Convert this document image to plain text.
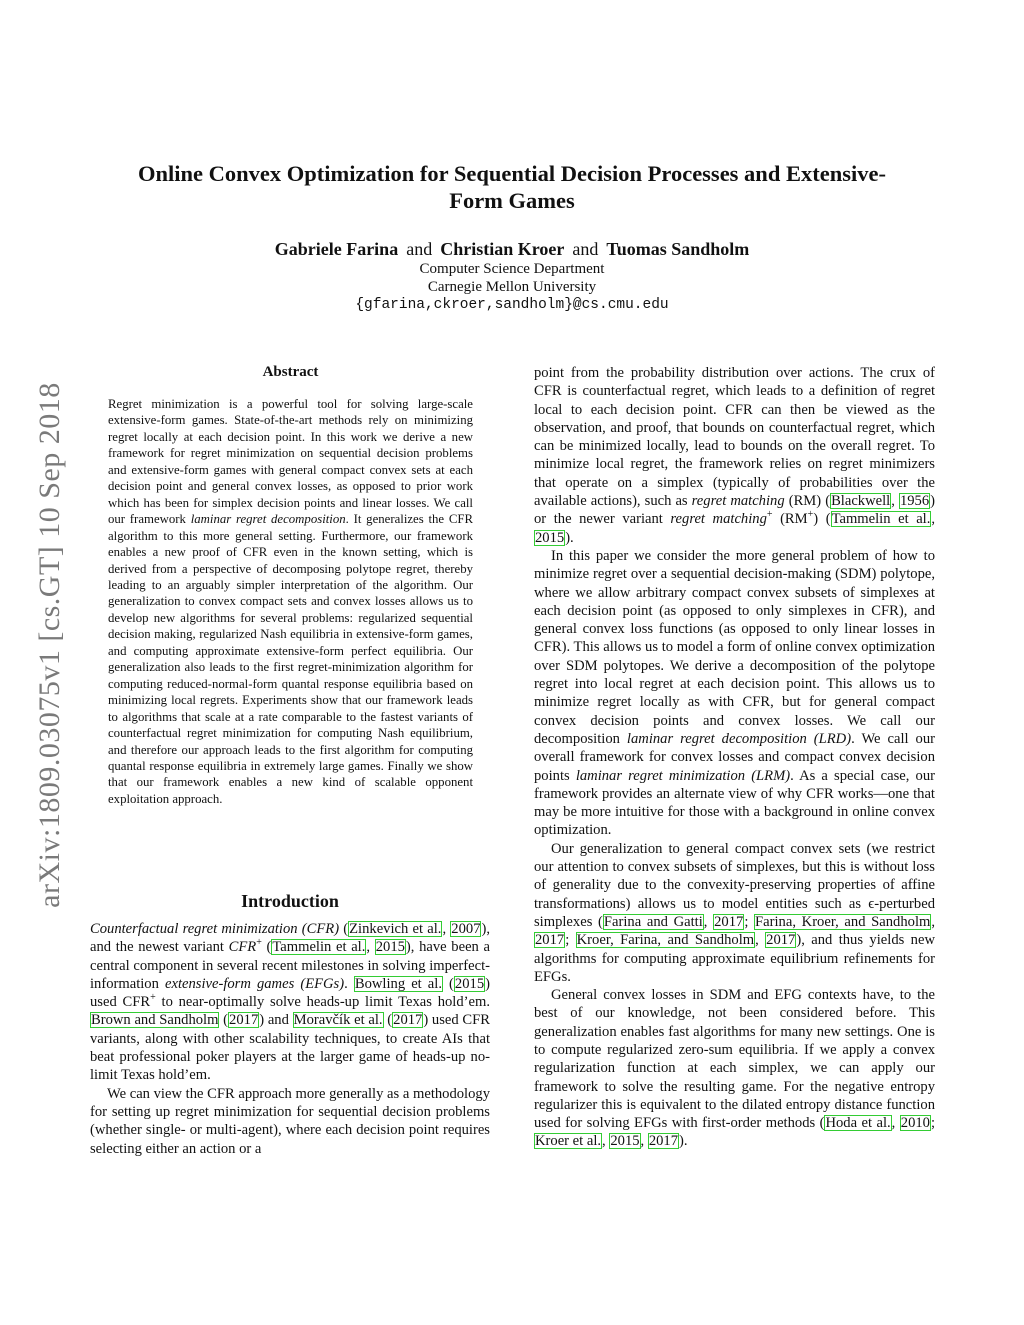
Online Convex Optimization for Sequential Decision Processes and Extensive-Form Games
Gabriele Farina and Christian Kroer and Tuomas Sandholm
Computer Science Department
Carnegie Mellon University
{gfarina,ckroer,sandholm}@cs.cmu.edu
arXiv:1809.03075v1 [cs.GT] 10 Sep 2018
Abstract
Regret minimization is a powerful tool for solving large-scale extensive-form games. State-of-the-art methods rely on minimizing regret locally at each decision point. In this work we derive a new framework for regret minimization on sequential decision problems and extensive-form games with general compact convex sets at each decision point and general convex losses, as opposed to prior work which has been for simplex decision points and linear losses. We call our framework laminar regret decomposition. It generalizes the CFR algorithm to this more general setting. Furthermore, our framework enables a new proof of CFR even in the known setting, which is derived from a perspective of decomposing polytope regret, thereby leading to an arguably simpler interpretation of the algorithm. Our generalization to convex compact sets and convex losses allows us to develop new algorithms for several problems: regularized sequential decision making, regularized Nash equilibria in extensive-form games, and computing approximate extensive-form perfect equilibria. Our generalization also leads to the first regret-minimization algorithm for computing reduced-normal-form quantal response equilibria based on minimizing local regrets. Experiments show that our framework leads to algorithms that scale at a rate comparable to the fastest variants of counterfactual regret minimization for computing Nash equilibrium, and therefore our approach leads to the first algorithm for computing quantal response equilibria in extremely large games. Finally we show that our framework enables a new kind of scalable opponent exploitation approach.
Introduction

Counterfactual regret minimization (CFR) (Zinkevich et al., 2007), and the newest variant CFR+ (Tammelin et al., 2015), have been a central component in several recent milestones in solving imperfect-information extensive-form games (EFGs). Bowling et al. (2015) used CFR+ to near-optimally solve heads-up limit Texas hold’em. Brown and Sandholm (2017) and Moravčík et al. (2017) used CFR variants, along with other scalability techniques, to create AIs that beat professional poker players at the larger game of heads-up no-limit Texas hold’em.

We can view the CFR approach more generally as a methodology for setting up regret minimization for sequential decision problems (whether single- or multi-agent), where each decision point requires selecting either an action or a

point from the probability distribution over actions. The crux of CFR is counterfactual regret, which leads to a definition of regret local to each decision point. CFR can then be viewed as the observation, and proof, that bounds on counterfactual regret, which can be minimized locally, lead to bounds on the overall regret. To minimize local regret, the framework relies on regret minimizers that operate on a simplex (typically of probabilities over the available actions), such as regret matching (RM) (Blackwell, 1956) or the newer variant regret matching+ (RM+) (Tammelin et al., 2015).

In this paper we consider the more general problem of how to minimize regret over a sequential decision-making (SDM) polytope, where we allow arbitrary compact convex subsets of simplexes at each decision point (as opposed to only simplexes in CFR), and general convex loss functions (as opposed to only linear losses in CFR). This allows us to model a form of online convex optimization over SDM polytopes. We derive a decomposition of the polytope regret into local regret at each decision point. This allows us to minimize regret locally as with CFR, but for general compact convex decision points and convex losses. We call our decomposition laminar regret decomposition (LRD). We call our overall framework for convex losses and compact convex decision points laminar regret minimization (LRM). As a special case, our framework provides an alternate view of why CFR works—one that may be more intuitive for those with a background in online convex optimization.

Our generalization to general compact convex sets (we restrict our attention to convex subsets of simplexes, but this is without loss of generality due to the convexity-preserving properties of affine transformations) allows us to model entities such as ϵ-perturbed simplexes (Farina and Gatti, 2017; Farina, Kroer, and Sandholm, 2017; Kroer, Farina, and Sandholm, 2017), and thus yields new algorithms for computing approximate equilibrium refinements for EFGs.

General convex losses in SDM and EFG contexts have, to the best of our knowledge, not been considered before. This generalization enables fast algorithms for many new settings. One is to compute regularized zero-sum equilibria. If we apply a convex regularization function at each simplex, we can apply our framework to solve the resulting game. For the negative entropy regularizer this is equivalent to the dilated entropy distance function used for solving EFGs with first-order methods (Hoda et al., 2010; Kroer et al., 2015, 2017).
